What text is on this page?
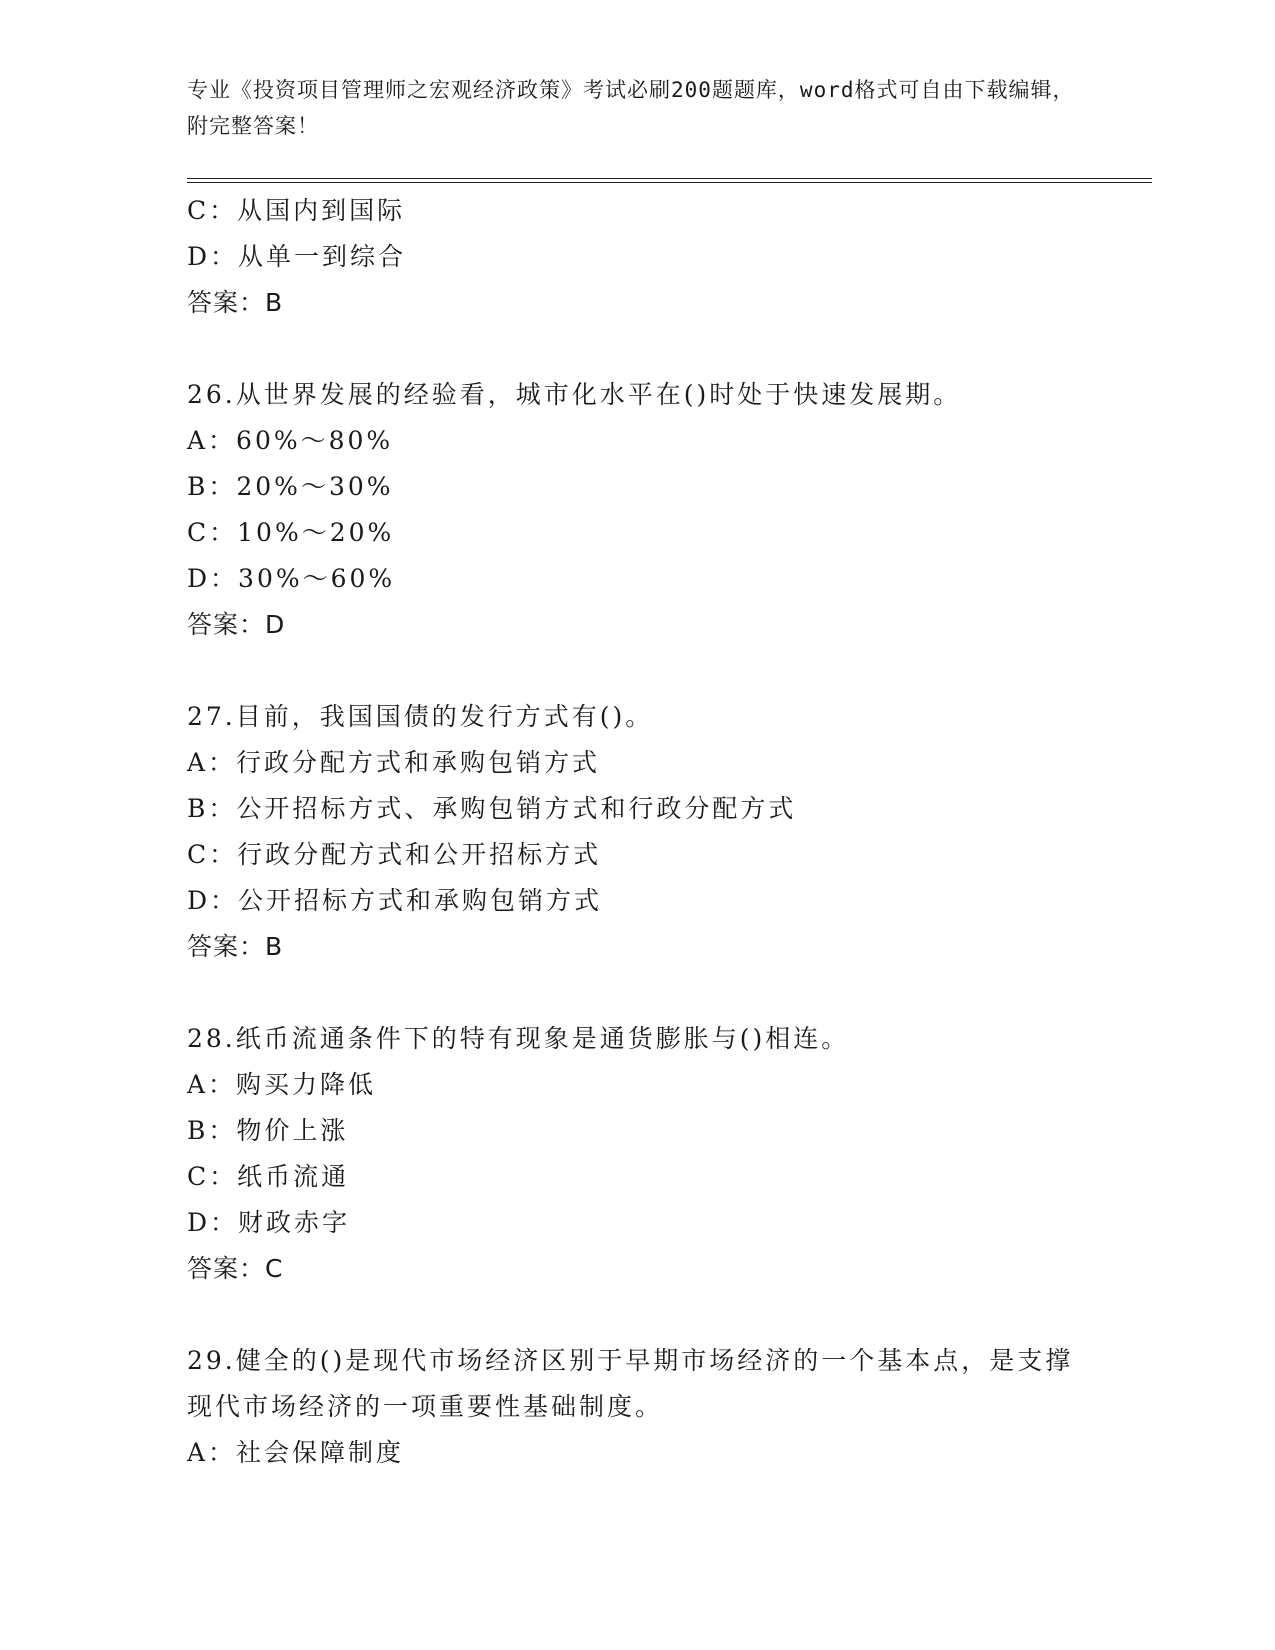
专业《投资项目管理师之宏观经济政策》考试必刷200题题库，word格式可自由下载编辑，附完整答案！
C：从国内到国际
D：从单一到综合
答案：B
26.从世界发展的经验看，城市化水平在()时处于快速发展期。
A：60%～80%
B：20%～30%
C：10%～20%
D：30%～60%
答案：D
27.目前，我国国债的发行方式有()。
A：行政分配方式和承购包销方式
B：公开招标方式、承购包销方式和行政分配方式
C：行政分配方式和公开招标方式
D：公开招标方式和承购包销方式
答案：B
28.纸币流通条件下的特有现象是通货膨胀与()相连。
A：购买力降低
B：物价上涨
C：纸币流通
D：财政赤字
答案：C
29.健全的()是现代市场经济区别于早期市场经济的一个基本点，是支撑现代市场经济的一项重要性基础制度。
A：社会保障制度
